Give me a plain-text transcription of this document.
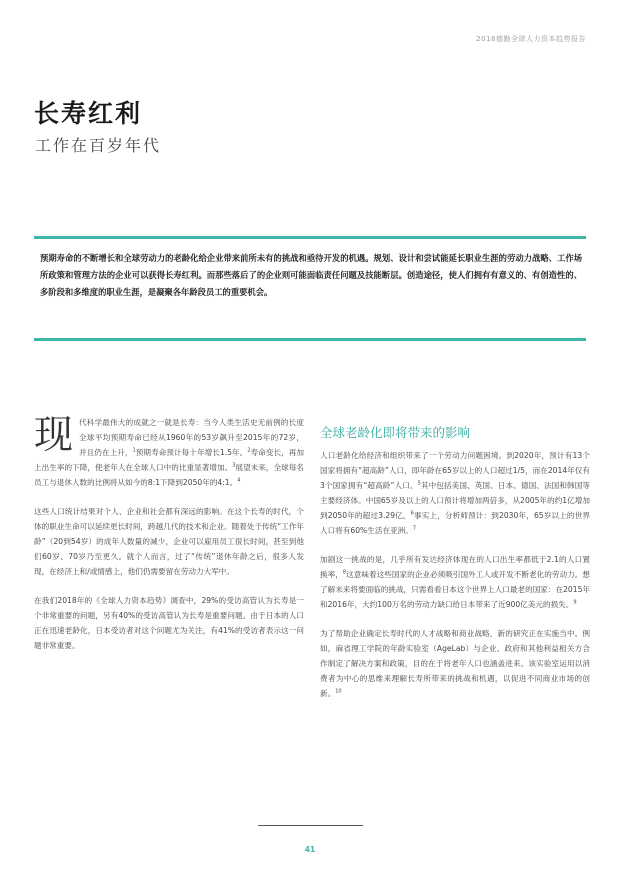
2018德勤全球人力资本趋势报告
长寿红利
工作在百岁年代
预期寿命的不断增长和全球劳动力的老龄化给企业带来前所未有的挑战和亟待开发的机遇。规划、设计和尝试能延长职业生涯的劳动力战略、工作场所政策和管理方法的企业可以获得长寿红利。而那些落后了的企业则可能面临责任问题及技能断层。创造途径，使人们拥有有意义的、有创造性的、多阶段和多维度的职业生涯，是凝聚各年龄段员工的重要机会。

现代科学最伟大的成就之一就是长寿：当今人类生活史无前例的长度全球平均预期寿命已经从1960年的53岁飙升至2015年的72岁，并且仍在上升，$^1$预期寿命预计每十年增长1.5年。$^2$寿命变长，再加上出生率的下降，使老年人在全球人口中的比重显著增加。$^3$展望未来，全球每名员工与退休人数的比例将从如今的8:1下降到2050年的4:1。$^4$

这些人口统计结果对个人、企业和社会都有深远的影响。在这个长寿的时代，个体的职业生命可以延续更长时间，跨越几代的技术和企业。随着处于传统“工作年龄”（20到54岁）的成年人数量的减少，企业可以雇用员工很长时间，甚至到他们60岁、70岁乃至更久。就个人而言，过了“传统”退休年龄之后，很多人发现，在经济上和/或情感上，他们仍需要留在劳动力大军中。

在我们2018年的《全球人力资本趋势》调查中，29%的受访高管认为长寿是一个非常重要的问题，另有40%的受访高管认为长寿是重要问题。由于日本的人口正在迅速老龄化，日本受访者对这个问题尤为关注，有41%的受访者表示这一问题非常重要。

全球老龄化即将带来的影响

人口老龄化给经济和组织带来了一个劳动力问题困境。到2020年，预计有13个国家将拥有“超高龄”人口，即年龄在65岁以上的人口超过1/5，而在2014年仅有3个国家拥有“超高龄”人口。$^5$其中包括美国、英国、日本、德国、法国和韩国等主要经济体。中国65岁及以上的人口预计将增加两倍多，从2005年的约1亿增加到2050年的超过3.29亿，$^6$事实上，分析师预计：到2030年，65岁以上的世界人口将有60%生活在亚洲。$^7$

加剧这一挑战的是，几乎所有发达经济体现在的人口出生率都低于2.1的人口置换率，$^8$这意味着这些国家的企业必须吸引国外工人或开发不断老化的劳动力。想了解未来将要面临的挑战，只需看看日本这个世界上人口最老的国家：在2015年和2016年，大约100万名的劳动力缺口给日本带来了近900亿美元的损失。$^9$

为了帮助企业确定长寿时代的人才战略和商业战略，新的研究正在实施当中。例如，麻省理工学院的年龄实验室（AgeLab）与企业、政府和其他利益相关方合作制定了解决方案和政策，目的在于将老年人口也涵盖进来。该实验室运用以消费者为中心的思维来理解长寿所带来的挑战和机遇，以促进不同商业市场的创新。$^{10}$

41
